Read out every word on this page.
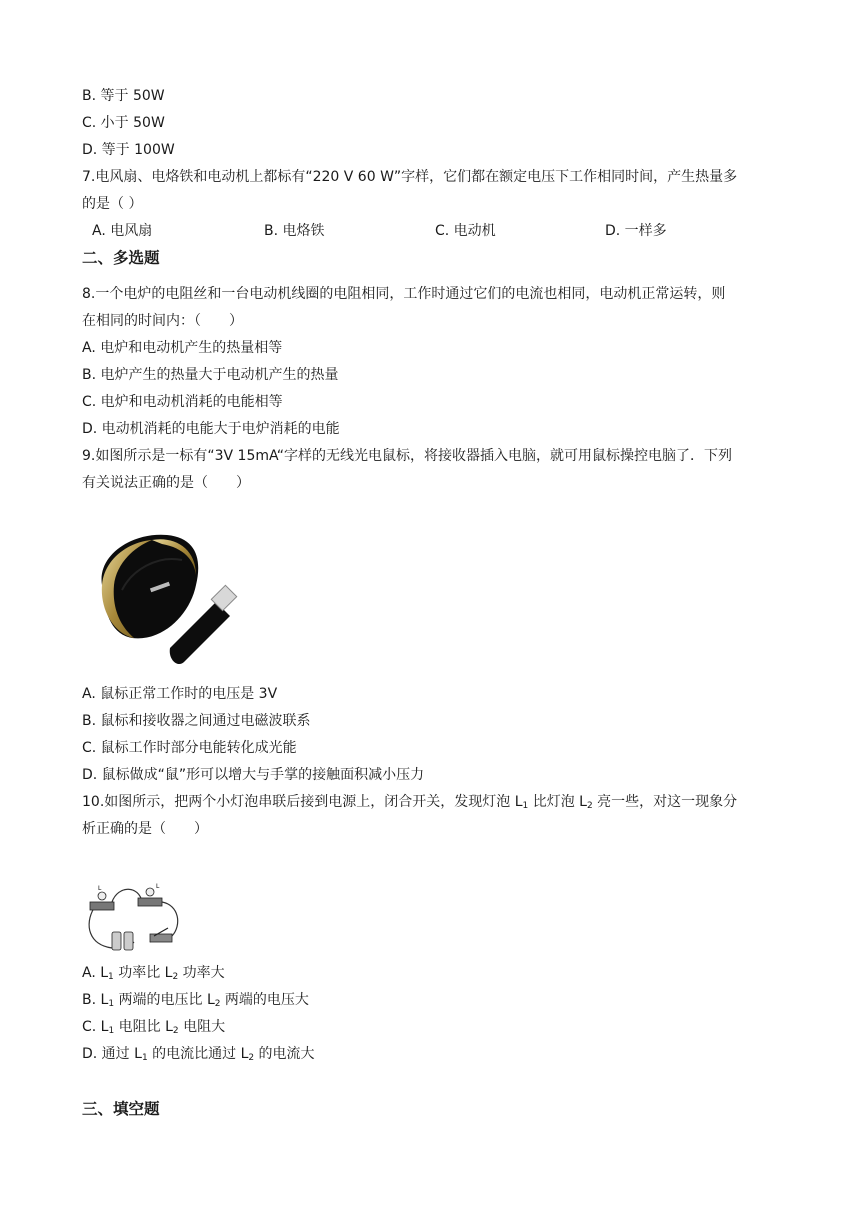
B. 等于 50W
C. 小于 50W
D. 等于 100W
7.电风扇、电烙铁和电动机上都标有“220 V 60 W”字样，它们都在额定电压下工作相同时间，产生热量多
的是（ ）
A. 电风扇	B. 电烙铁	C. 电动机	D. 一样多
二、多选题
8.一个电炉的电阻丝和一台电动机线圈的电阻相同，工作时通过它们的电流也相同，电动机正常运转，则
在相同的时间内：（　　）
A. 电炉和电动机产生的热量相等
B. 电炉产生的热量大于电动机产生的热量
C. 电炉和电动机消耗的电能相等
D. 电动机消耗的电能大于电炉消耗的电能
9.如图所示是一标有“3V 15mA“字样的无线光电鼠标，将接收器插入电脑，就可用鼠标操控电脑了．下列
有关说法正确的是（　　）
A. 鼠标正常工作时的电压是 3V
B. 鼠标和接收器之间通过电磁波联系
C. 鼠标工作时部分电能转化成光能
D. 鼠标做成“鼠”形可以增大与手掌的接触面积减小压力
10.如图所示，把两个小灯泡串联后接到电源上，闭合开关，发现灯泡 $L_1$ 比灯泡 $L_2$ 亮一些，对这一现象分
析正确的是（　　）
L	L
A. $L_1$ 功率比 $L_2$ 功率大
B. $L_1$ 两端的电压比 $L_2$ 两端的电压大
C. $L_1$ 电阻比 $L_2$ 电阻大
D. 通过 $L_1$ 的电流比通过 $L_2$ 的电流大
三、填空题
